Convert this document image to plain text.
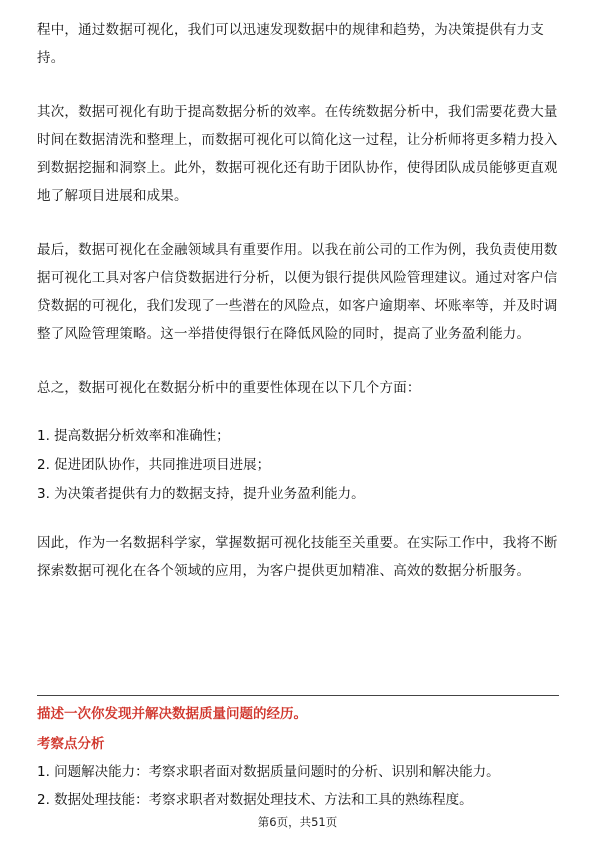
程中，通过数据可视化，我们可以迅速发现数据中的规律和趋势，为决策提供有力支持。

其次，数据可视化有助于提高数据分析的效率。在传统数据分析中，我们需要花费大量时间在数据清洗和整理上，而数据可视化可以简化这一过程，让分析师将更多精力投入到数据挖掘和洞察上。此外，数据可视化还有助于团队协作，使得团队成员能够更直观地了解项目进展和成果。

最后，数据可视化在金融领域具有重要作用。以我在前公司的工作为例，我负责使用数据可视化工具对客户信贷数据进行分析，以便为银行提供风险管理建议。通过对客户信贷数据的可视化，我们发现了一些潜在的风险点，如客户逾期率、坏账率等，并及时调整了风险管理策略。这一举措使得银行在降低风险的同时，提高了业务盈利能力。

总之，数据可视化在数据分析中的重要性体现在以下几个方面：

1. 提高数据分析效率和准确性；

2. 促进团队协作，共同推进项目进展；

3. 为决策者提供有力的数据支持，提升业务盈利能力。

因此，作为一名数据科学家，掌握数据可视化技能至关重要。在实际工作中，我将不断探索数据可视化在各个领域的应用，为客户提供更加精准、高效的数据分析服务。

描述一次你发现并解决数据质量问题的经历。
考察点分析
1. 问题解决能力：考察求职者面对数据质量问题时的分析、识别和解决能力。
2. 数据处理技能：考察求职者对数据处理技术、方法和工具的熟练程度。
第6页，共51页
